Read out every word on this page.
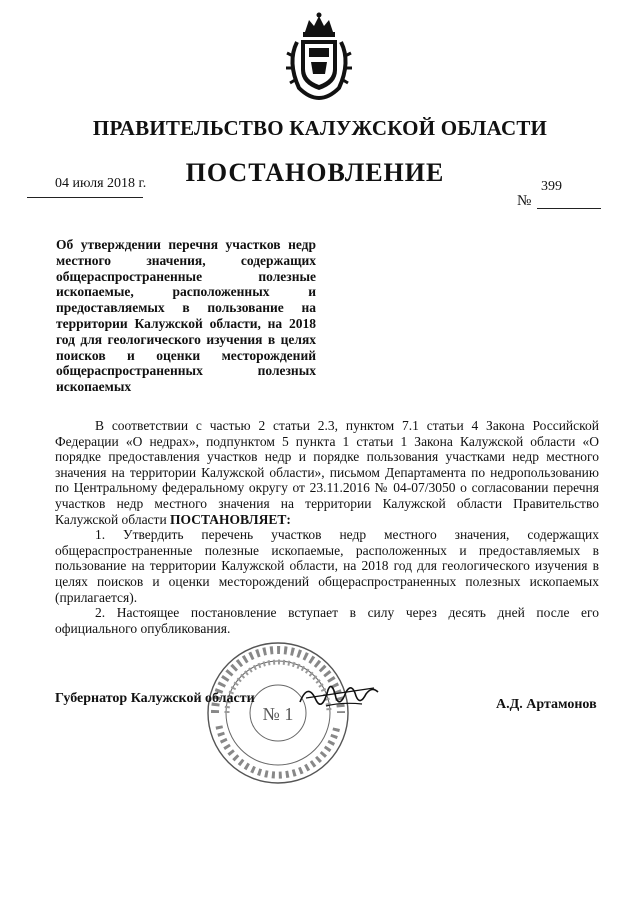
ПРАВИТЕЛЬСТВО КАЛУЖСКОЙ ОБЛАСТИ
ПОСТАНОВЛЕНИЕ
04 июля 2018 г.	399
№
Об утверждении перечня участков недр местного значения, содержащих общераспространенные полезные ископаемые, расположенных и предоставляемых в пользование на территории Калужской области, на 2018 год для геологического изучения в целях поисков и оценки месторождений общераспространенных полезных ископаемых

В соответствии с частью 2 статьи 2.3, пунктом 7.1 статьи 4 Закона Российской Федерации «О недрах», подпунктом 5 пункта 1 статьи 1 Закона Калужской области «О порядке предоставления участков недр и порядке пользования участками недр местного значения на территории Калужской области», письмом Департамента по недропользованию по Центральному федеральному округу от 23.11.2016 № 04-07/3050 о согласовании перечня участков недр местного значения на территории Калужской области Правительство Калужской области ПОСТАНОВЛЯЕТ:

1. Утвердить перечень участков недр местного значения, содержащих общераспространенные полезные ископаемые, расположенных и предоставляемых в пользование на территории Калужской области, на 2018 год для геологического изучения в целях поисков и оценки месторождений общераспространенных полезных ископаемых (прилагается).

2. Настоящее постановление вступает в силу через десять дней после его официального опубликования.

№ 1
Губернатор Калужской области	А.Д. Артамонов
